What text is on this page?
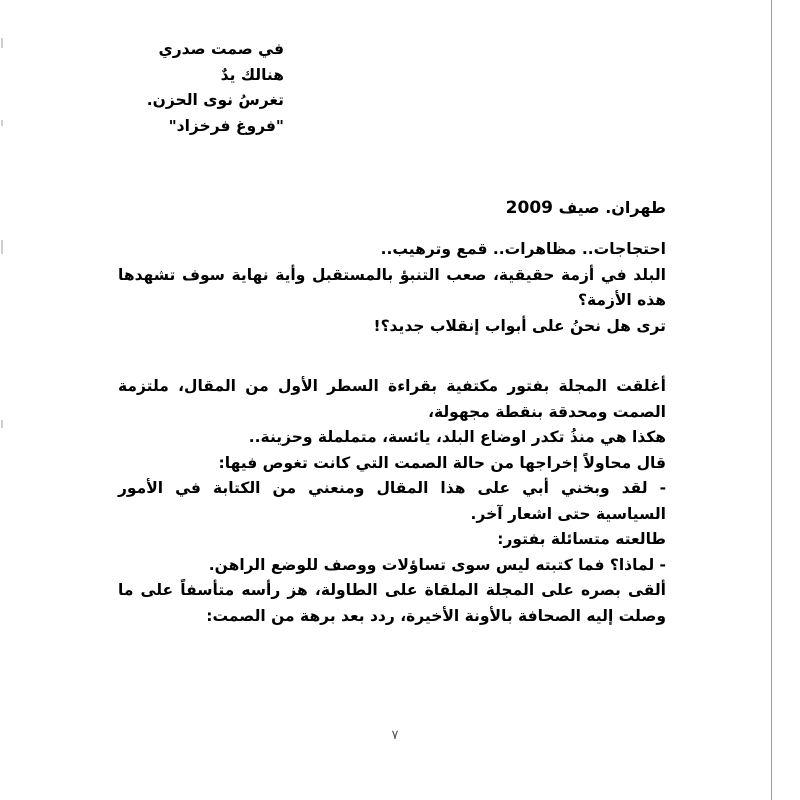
في صمت صدري
هنالك يدٌ
تغرسُ نوى الحزن.
"فروغ فرخزاد"
طهران. صيف 2009
احتجاجات.. مظاهرات.. قمع وترهيب..
البلد في أزمة حقيقية، صعب التنبؤ بالمستقبل وأية نهاية سوف تشهدها
هذه الأزمة؟
ترى هل نحنُ على أبواب إنقلاب جديد؟!
أغلقت المجلة بفتور مكتفية بقراءة السطر الأول من المقال، ملتزمة
الصمت ومحدقة بنقطة مجهولة،
هكذا هي منذُ تكدر اوضاع البلد، يائسة، متململة وحزينة..
قال محاولاً إخراجها من حالة الصمت التي كانت تغوص فيها:
- لقد وبخني أبي على هذا المقال ومنعني من الكتابة في الأمور
السياسية حتى اشعار آخر.
طالعته متسائلة بفتور:
- لماذا؟ فما كتبته ليس سوى تساؤلات ووصف للوضع الراهن.
ألقى بصره على المجلة الملقاة على الطاولة، هز رأسه متأسفاً على ما
وصلت إليه الصحافة بالأونة الأخيرة، ردد بعد برهة من الصمت:
٧
